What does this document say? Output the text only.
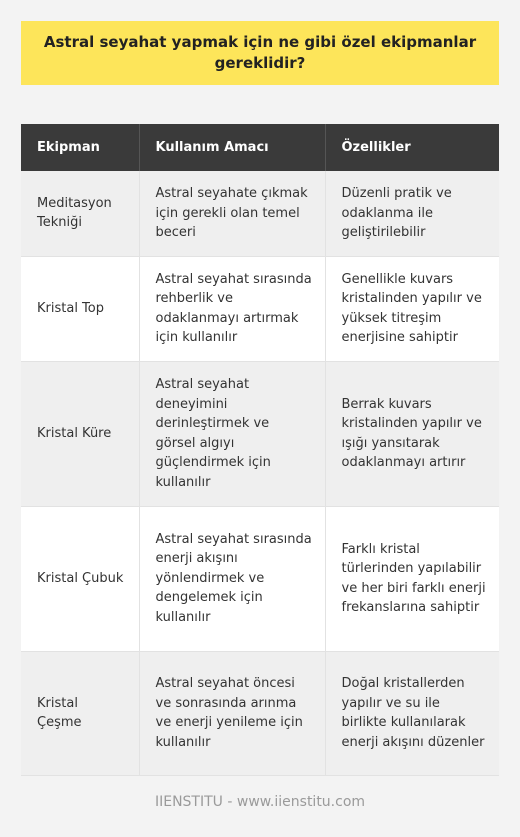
Astral seyahat yapmak için ne gibi özel ekipmanlar gereklidir?
Ekipman	Kullanım Amacı	Özellikler
Meditasyon Tekniği	Astral seyahate çıkmak için gerekli olan temel beceri	Düzenli pratik ve odaklanma ile geliştirilebilir
Kristal Top	Astral seyahat sırasında rehberlik ve odaklanmayı artırmak için kullanılır	Genellikle kuvars kristalinden yapılır ve yüksek titreşim enerjisine sahiptir
Kristal Küre	Astral seyahat deneyimini derinleştirmek ve görsel algıyı güçlendirmek için kullanılır	Berrak kuvars kristalinden yapılır ve ışığı yansıtarak odaklanmayı artırır
Kristal Çubuk	Astral seyahat sırasında enerji akışını yönlendirmek ve dengelemek için kullanılır	Farklı kristal türlerinden yapılabilir ve her biri farklı enerji frekanslarına sahiptir
Kristal Çeşme	Astral seyahat öncesi ve sonrasında arınma ve enerji yenileme için kullanılır	Doğal kristallerden yapılır ve su ile birlikte kullanılarak enerji akışını düzenler
IIENSTITU - www.iienstitu.com
